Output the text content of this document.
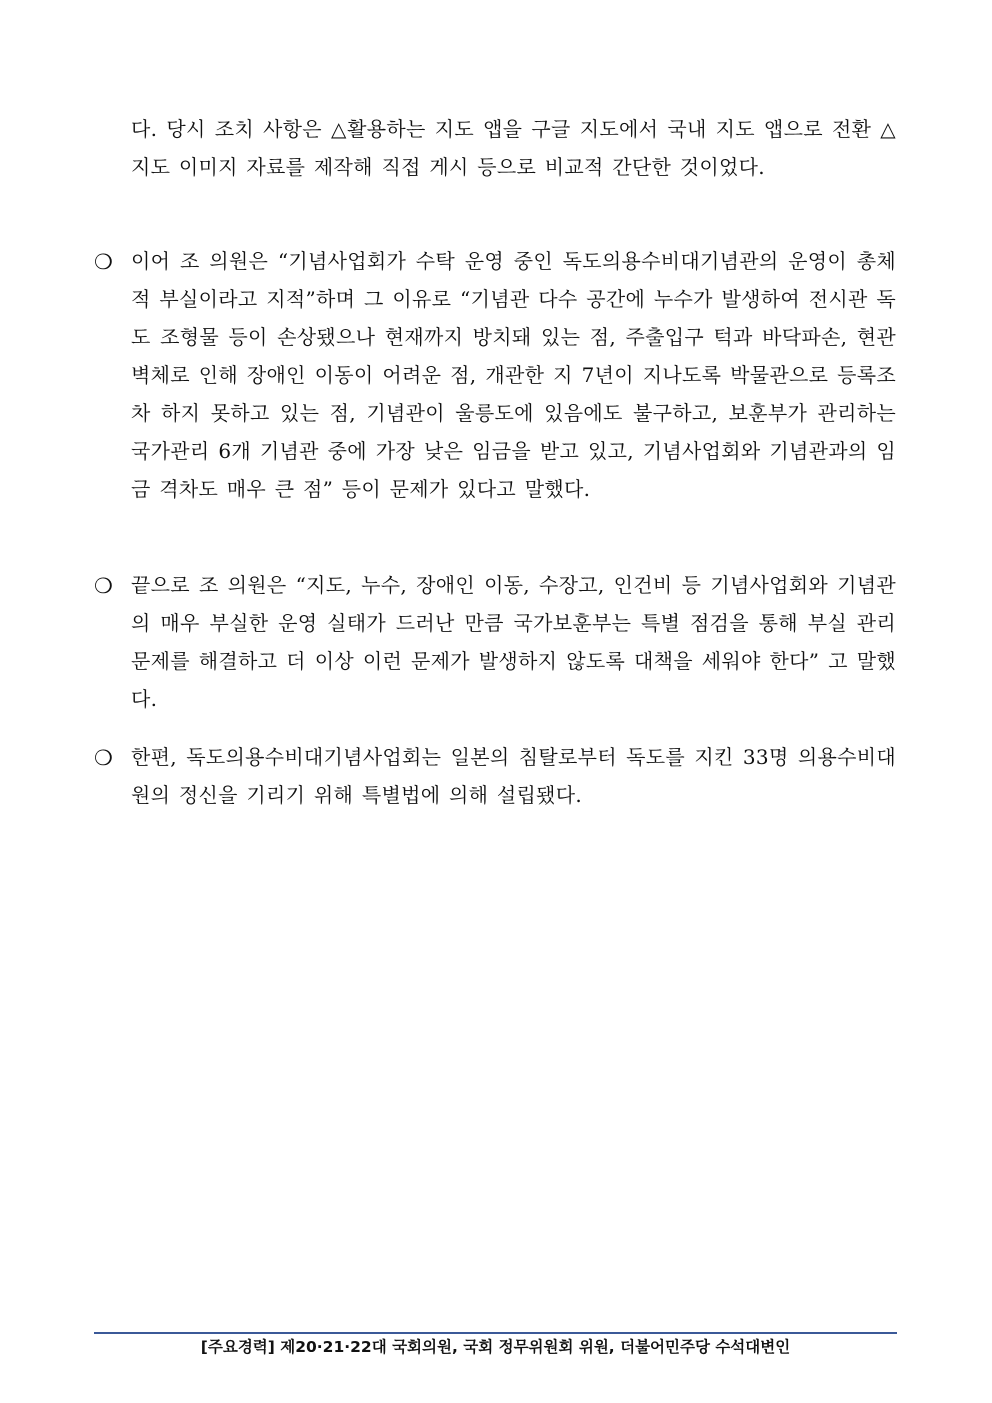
다. 당시 조치 사항은 △활용하는 지도 앱을 구글 지도에서 국내 지도 앱으로 전환 △지도 이미지 자료를 제작해 직접 게시 등으로 비교적 간단한 것이었다.
❍ 이어 조 의원은 “기념사업회가 수탁 운영 중인 독도의용수비대기념관의 운영이 총체적 부실이라고 지적”하며 그 이유로 “기념관 다수 공간에 누수가 발생하여 전시관 독도 조형물 등이 손상됐으나 현재까지 방치돼 있는 점, 주출입구 턱과 바닥파손, 현관 벽체로 인해 장애인 이동이 어려운 점, 개관한 지 7년이 지나도록 박물관으로 등록조차 하지 못하고 있는 점, 기념관이 울릉도에 있음에도 불구하고, 보훈부가 관리하는 국가관리 6개 기념관 중에 가장 낮은 임금을 받고 있고, 기념사업회와 기념관과의 임금 격차도 매우 큰 점” 등이 문제가 있다고 말했다.
❍ 끝으로 조 의원은 “지도, 누수, 장애인 이동, 수장고, 인건비 등 기념사업회와 기념관의 매우 부실한 운영 실태가 드러난 만큼 국가보훈부는 특별 점검을 통해 부실 관리 문제를 해결하고 더 이상 이런 문제가 발생하지 않도록 대책을 세워야 한다” 고 말했다.
❍ 한편, 독도의용수비대기념사업회는 일본의 침탈로부터 독도를 지킨 33명 의용수비대원의 정신을 기리기 위해 특별법에 의해 설립됐다.
[주요경력] 제20·21·22대 국회의원, 국회 정무위원회 위원, 더불어민주당 수석대변인
